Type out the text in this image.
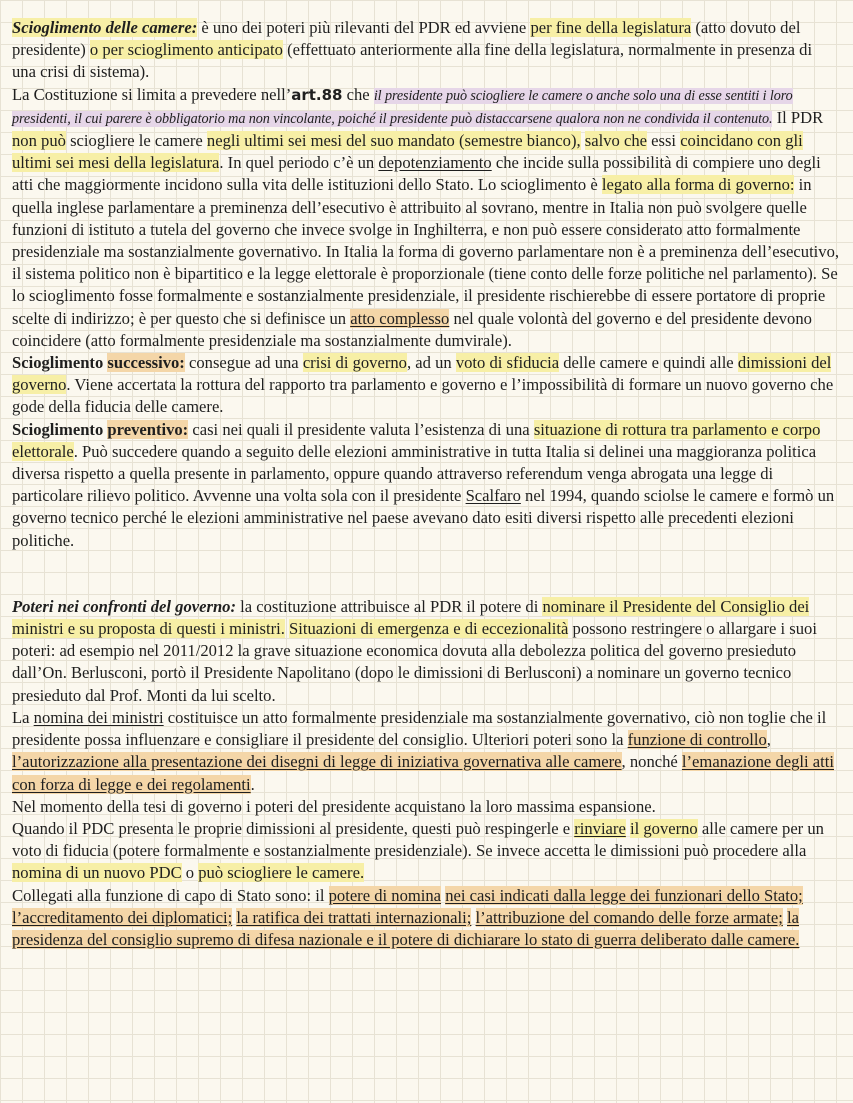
Scioglimento delle camere: è uno dei poteri più rilevanti del PDR ed avviene per fine della legislatura (atto dovuto del presidente) o per scioglimento anticipato (effettuato anteriormente alla fine della legislatura, normalmente in presenza di una crisi di sistema).

La Costituzione si limita a prevedere nell’art.88 che il presidente può sciogliere le camere o anche solo una di esse sentiti i loro presidenti, il cui parere è obbligatorio ma non vincolante, poiché il presidente può distaccarsene qualora non ne condivida il contenuto. Il PDR non può sciogliere le camere negli ultimi sei mesi del suo mandato (semestre bianco), salvo che essi coincidano con gli ultimi sei mesi della legislatura. In quel periodo c’è un depotenziamento che incide sulla possibilità di compiere uno degli atti che maggiormente incidono sulla vita delle istituzioni dello Stato. Lo scioglimento è legato alla forma di governo: in quella inglese parlamentare a preminenza dell’esecutivo è attribuito al sovrano, mentre in Italia non può svolgere quelle funzioni di istituto a tutela del governo che invece svolge in Inghilterra, e non può essere considerato atto formalmente presidenziale ma sostanzialmente governativo. In Italia la forma di governo parlamentare non è a preminenza dell’esecutivo, il sistema politico non è bipartitico e la legge elettorale è proporzionale (tiene conto delle forze politiche nel parlamento). Se lo scioglimento fosse formalmente e sostanzialmente presidenziale, il presidente rischierebbe di essere portatore di proprie scelte di indirizzo; è per questo che si definisce un atto complesso nel quale volontà del governo e del presidente devono coincidere (atto formalmente presidenziale ma sostanzialmente dumvirale).

Scioglimento successivo: consegue ad una crisi di governo, ad un voto di sfiducia delle camere e quindi alle dimissioni del governo. Viene accertata la rottura del rapporto tra parlamento e governo e l’impossibilità di formare un nuovo governo che gode della fiducia delle camere.

Scioglimento preventivo: casi nei quali il presidente valuta l’esistenza di una situazione di rottura tra parlamento e corpo elettorale. Può succedere quando a seguito delle elezioni amministrative in tutta Italia si delinei una maggioranza politica diversa rispetto a quella presente in parlamento, oppure quando attraverso referendum venga abrogata una legge di particolare rilievo politico. Avvenne una volta sola con il presidente Scalfaro nel 1994, quando sciolse le camere e formò un governo tecnico perché le elezioni amministrative nel paese avevano dato esiti diversi rispetto alle precedenti elezioni politiche.

Poteri nei confronti del governo: la costituzione attribuisce al PDR il potere di nominare il Presidente del Consiglio dei ministri e su proposta di questi i ministri. Situazioni di emergenza e di eccezionalità possono restringere o allargare i suoi poteri: ad esempio nel 2011/2012 la grave situazione economica dovuta alla debolezza politica del governo presieduto dall’On. Berlusconi, portò il Presidente Napolitano (dopo le dimissioni di Berlusconi) a nominare un governo tecnico presieduto dal Prof. Monti da lui scelto.

La nomina dei ministri costituisce un atto formalmente presidenziale ma sostanzialmente governativo, ciò non toglie che il presidente possa influenzare e consigliare il presidente del consiglio. Ulteriori poteri sono la funzione di controllo, l’autorizzazione alla presentazione dei disegni di legge di iniziativa governativa alle camere, nonché l’emanazione degli atti con forza di legge e dei regolamenti.

Nel momento della tesi di governo i poteri del presidente acquistano la loro massima espansione.

Quando il PDC presenta le proprie dimissioni al presidente, questi può respingerle e rinviare il governo alle camere per un voto di fiducia (potere formalmente e sostanzialmente presidenziale). Se invece accetta le dimissioni può procedere alla nomina di un nuovo PDC o può sciogliere le camere.

Collegati alla funzione di capo di Stato sono: il potere di nomina nei casi indicati dalla legge dei funzionari dello Stato; l’accreditamento dei diplomatici; la ratifica dei trattati internazionali; l’attribuzione del comando delle forze armate; la presidenza del consiglio supremo di difesa nazionale e il potere di dichiarare lo stato di guerra deliberato dalle camere.
